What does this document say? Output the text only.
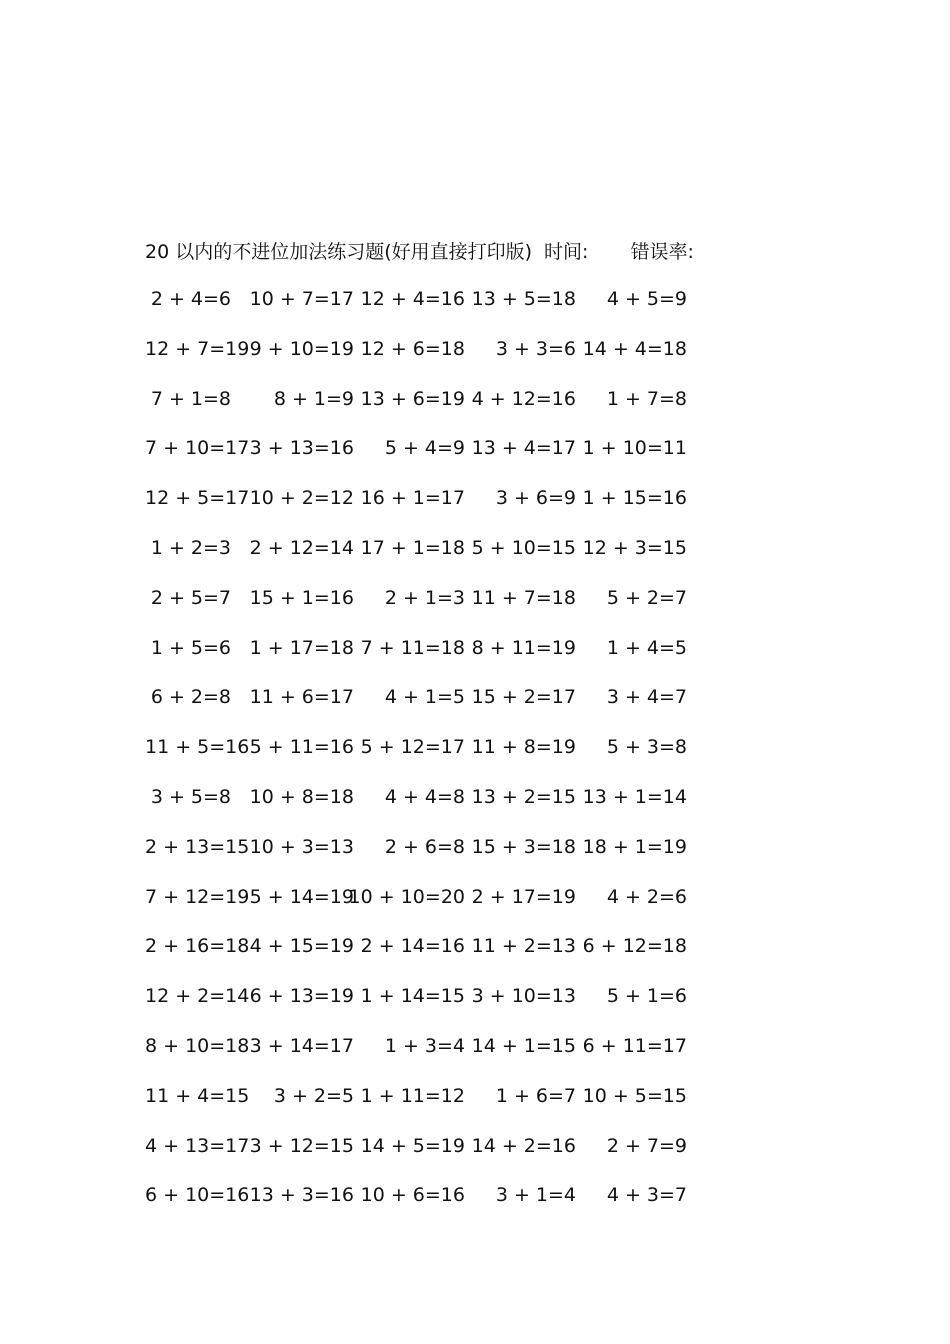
20 以内的不进位加法练习题(好用直接打印版) 时间: 错误率:
2 + 4=6 10 + 7=17 12 + 4=16 13 + 5=18 4 + 5=9
12 + 7=19 9 + 10=19 12 + 6=18 3 + 3=6 14 + 4=18
7 + 1=8 8 + 1=9 13 + 6=19 4 + 12=16 1 + 7=8
7 + 10=17 3 + 13=16 5 + 4=9 13 + 4=17 1 + 10=11
12 + 5=17 10 + 2=12 16 + 1=17 3 + 6=9 1 + 15=16
1 + 2=3 2 + 12=14 17 + 1=18 5 + 10=15 12 + 3=15
2 + 5=7 15 + 1=16 2 + 1=3 11 + 7=18 5 + 2=7
1 + 5=6 1 + 17=18 7 + 11=18 8 + 11=19 1 + 4=5
6 + 2=8 11 + 6=17 4 + 1=5 15 + 2=17 3 + 4=7
11 + 5=16 5 + 11=16 5 + 12=17 11 + 8=19 5 + 3=8
3 + 5=8 10 + 8=18 4 + 4=8 13 + 2=15 13 + 1=14
2 + 13=15 10 + 3=13 2 + 6=8 15 + 3=18 18 + 1=19
7 + 12=19 5 + 14=19
10 + 10=20 2 + 17=19 4 + 2=6
2 + 16=18 4 + 15=19 2 + 14=16 11 + 2=13 6 + 12=18
12 + 2=14 6 + 13=19 1 + 14=15 3 + 10=13 5 + 1=6
8 + 10=18 3 + 14=17 1 + 3=4 14 + 1=15 6 + 11=17
11 + 4=15 3 + 2=5 1 + 11=12 1 + 6=7 10 + 5=15
4 + 13=17 3 + 12=15 14 + 5=19 14 + 2=16 2 + 7=9
6 + 10=16 13 + 3=16 10 + 6=16 3 + 1=4 4 + 3=7
